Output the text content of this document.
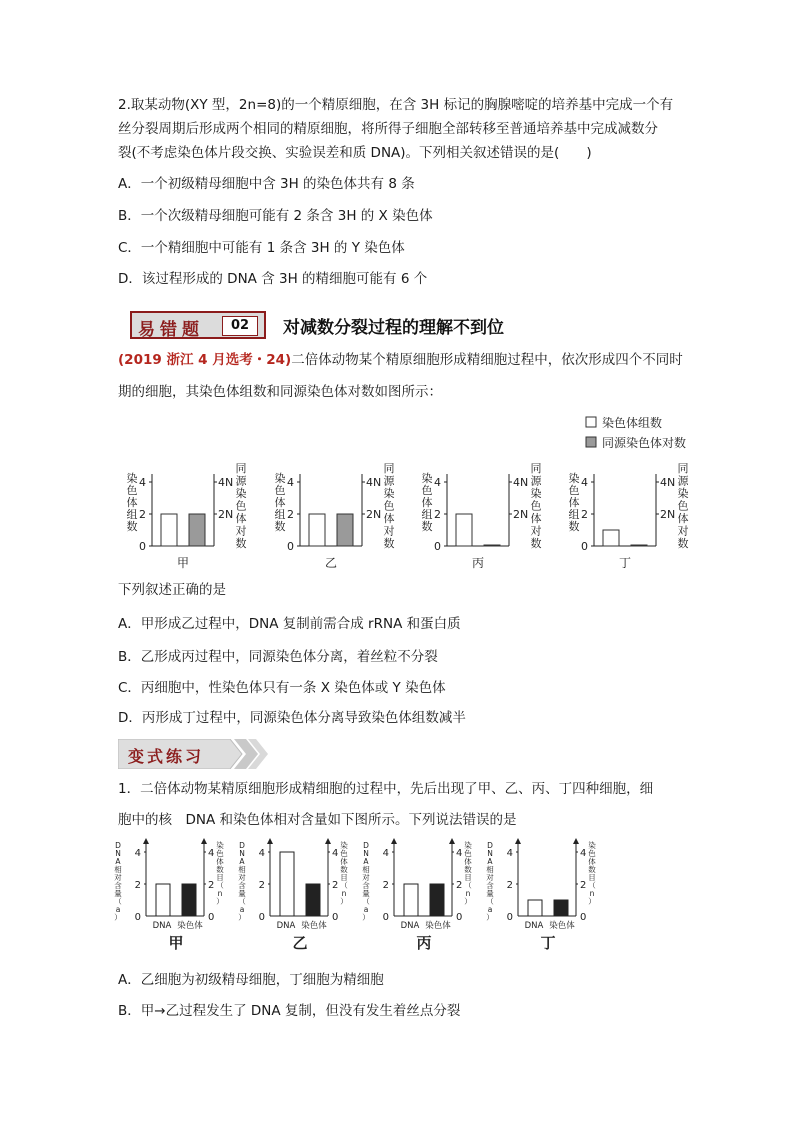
2.取某动物(XY 型，2n=8)的一个精原细胞，在含 3H 标记的胸腺嘧啶的培养基中完成一个有
丝分裂周期后形成两个相同的精原细胞，将所得子细胞全部转移至普通培养基中完成减数分
裂(不考虑染色体片段交换、实验误差和质 DNA)。下列相关叙述错误的是(　　)
A．一个初级精母细胞中含 3H 的染色体共有 8 条
B．一个次级精母细胞可能有 2 条含 3H 的 X 染色体
C．一个精细胞中可能有 1 条含 3H 的 Y 染色体
D．该过程形成的 DNA 含 3H 的精细胞可能有 6 个
易错题	02	对减数分裂过程的理解不到位
(2019 浙江 4 月选考・24)二倍体动物某个精原细胞形成精细胞过程中，依次形成四个不同时
期的细胞，其染色体组数和同源染色体对数如图所示：
染色体组数
同源染色体对数
染
色
体
组
数
0
2
4
2N
4N
同
源
染
色
体
对
数
甲
染
色
体
组
数
0
2
4
2N
4N
同
源
染
色
体
对
数
乙
染
色
体
组
数
0
2
4
2N
4N
同
源
染
色
体
对
数
丙
染
色
体
组
数
0
2
4
2N
4N
同
源
染
色
体
对
数
丁
下列叙述正确的是
A．甲形成乙过程中，DNA 复制前需合成 rRNA 和蛋白质
B．乙形成丙过程中，同源染色体分离，着丝粒不分裂
C．丙细胞中，性染色体只有一条 X 染色体或 Y 染色体
D．丙形成丁过程中，同源染色体分离导致染色体组数减半
变式练习
1．二倍体动物某精原细胞形成精细胞的过程中，先后出现了甲、乙、丙、丁四种细胞，细
胞中的核　DNA 和染色体相对含量如下图所示。下列说法错误的是
D
N
A
相
对
含
量
（
a
） 0
2
4
0
2
4
染
色
体
数
目
（
n
）
DNA 染色体
甲
D
N
A
相
对
含
量
（
a
） 0
2
4
0
2
4
染
色
体
数
目
（
n
）
DNA 染色体
乙
D
N
A
相
对
含
量
（
a
） 0
2
4
0
2
4
染
色
体
数
目
（
n
）
DNA 染色体
丙
D
N
A
相
对
含
量
（
a
） 0
2
4
0
2
4
染
色
体
数
目
（
n
）
DNA 染色体
丁
A．乙细胞为初级精母细胞，丁细胞为精细胞
B．甲→乙过程发生了 DNA 复制，但没有发生着丝点分裂
